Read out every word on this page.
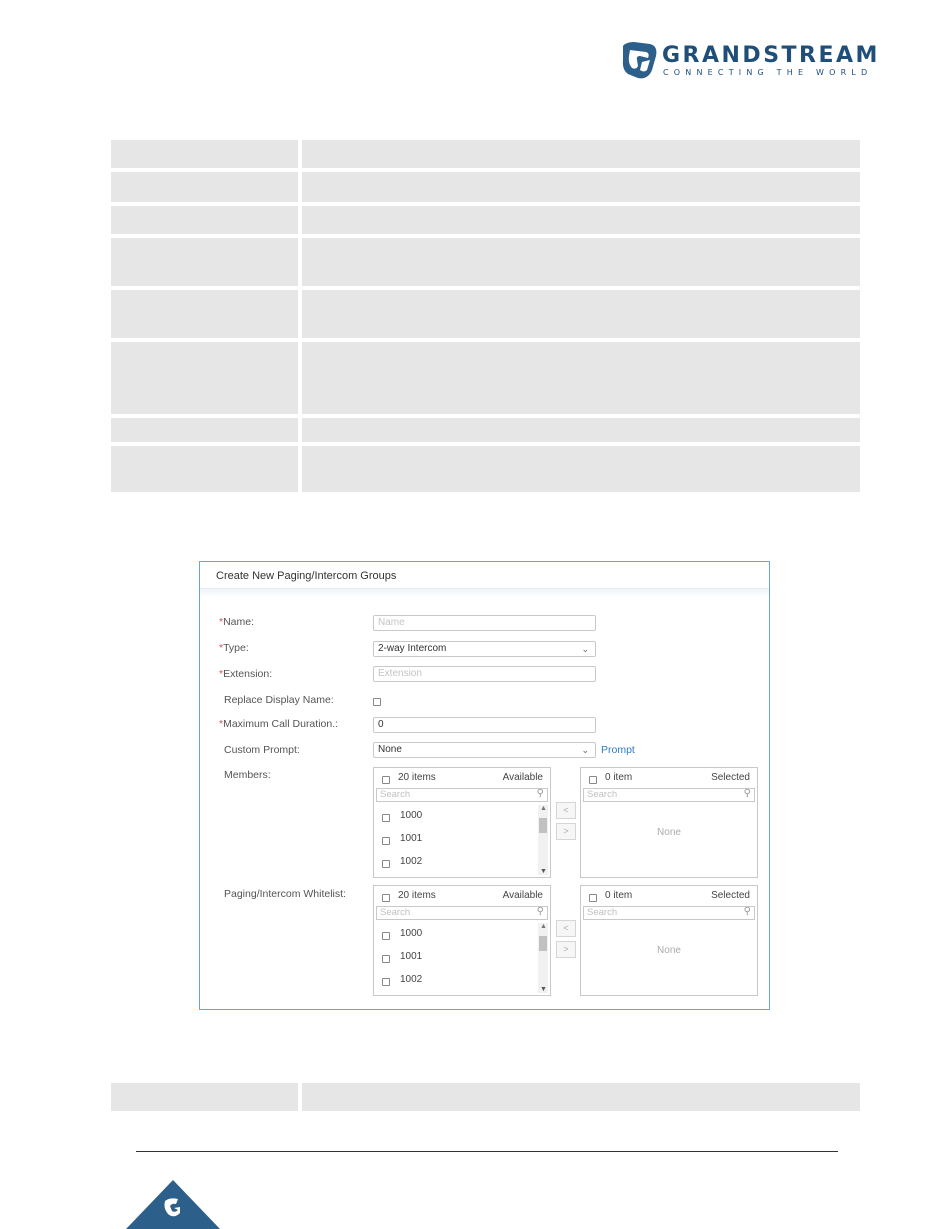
GRANDSTREAM
CONNECTING THE WORLD
Create New Paging/Intercom Groups
*Name:	Name
*Type:	2-way Intercom	⌄
*Extension:	Extension
Replace Display Name:
*Maximum Call Duration.:	0
Custom Prompt:	None	⌄ Prompt
Members:	20 items	Available
Search	⚲
1000
1001
1002
▲
▼
<
>
0 item	Selected
Search	⚲
None
Paging/Intercom Whitelist:	20 items	Available
Search	⚲
1000
1001
1002
▲
▼
<
>
0 item	Selected
Search	⚲
None
